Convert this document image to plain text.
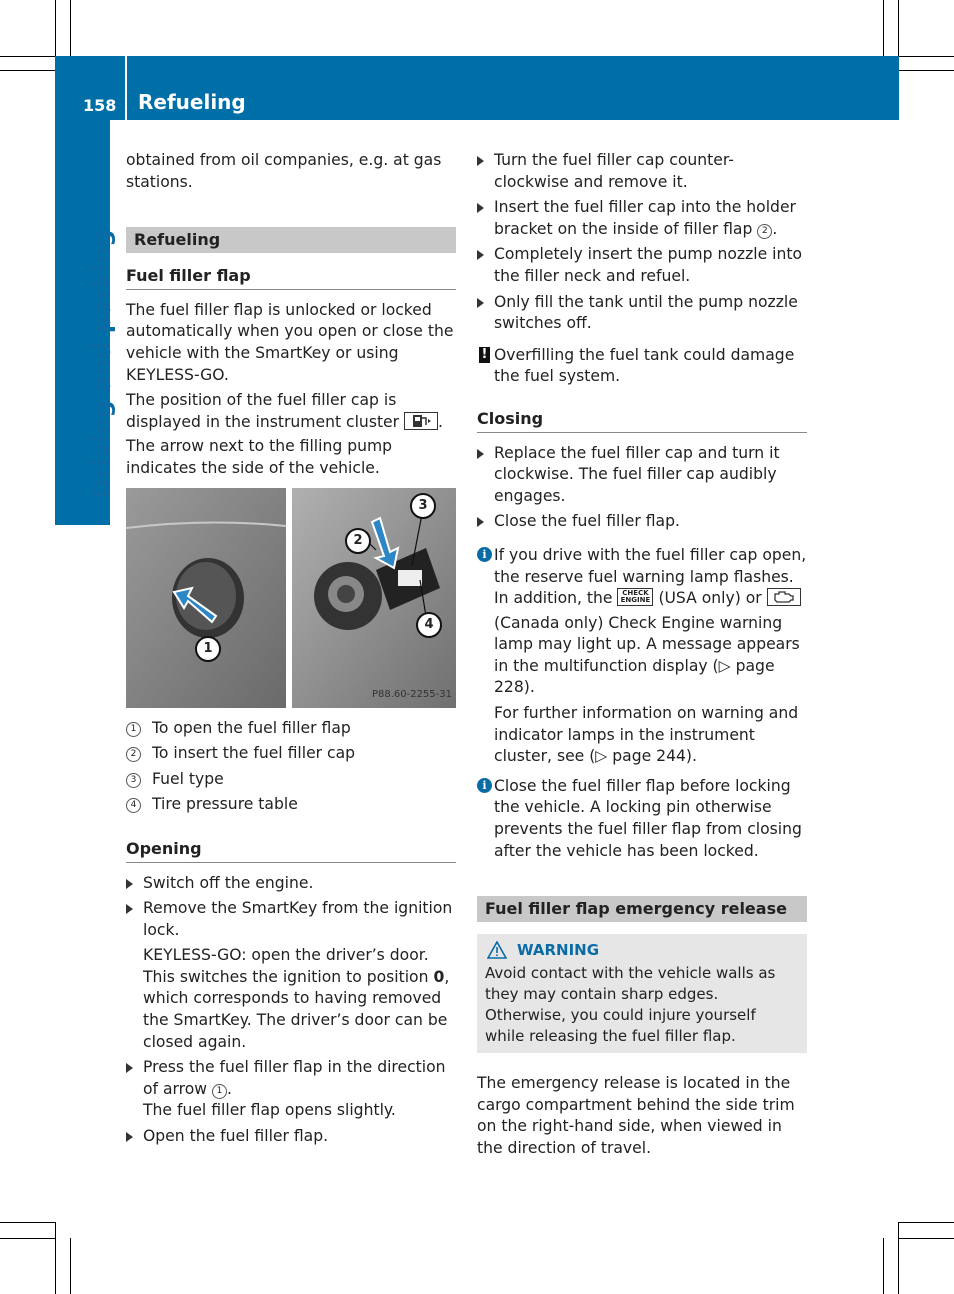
158 Refueling
Driving and parking

obtained from oil companies, e.g. at gas stations.

Refueling
Fuel filler flap

The fuel filler flap is unlocked or locked automatically when you open or close the vehicle with the SmartKey or using KEYLESS-GO.

The position of the fuel filler cap is displayed in the instrument cluster . The arrow next to the filling pump indicates the side of the vehicle.

1
2
3
4
P88.60-2255-31
1 To open the fuel filler flap
2 To insert the fuel filler cap
3 Fuel type
4 Tire pressure table
Opening
Switch off the engine.
Remove the SmartKey from the ignition lock.
KEYLESS-GO: open the driver’s door. This switches the ignition to position 0, which corresponds to having removed the SmartKey. The driver’s door can be closed again.
Press the fuel filler flap in the direction of arrow 1 .
The fuel filler flap opens slightly.
Open the fuel filler flap.
Turn the fuel filler cap counter-clockwise and remove it.
Insert the fuel filler cap into the holder bracket on the inside of filler flap 2 .
Completely insert the pump nozzle into the filler neck and refuel.
Only fill the tank until the pump nozzle switches off.
! Overfilling the fuel tank could damage the fuel system.
Closing
Replace the fuel filler cap and turn it clockwise. The fuel filler cap audibly engages.
Close the fuel filler flap.
i If you drive with the fuel filler cap open, the reserve fuel warning lamp flashes. In addition, the CHECK ENGINE (USA only) or  (Canada only) Check Engine warning lamp may light up. A message appears in the multifunction display (▷ page 228).

For further information on warning and indicator lamps in the instrument cluster, see (▷ page 244).

i Close the fuel filler flap before locking the vehicle. A locking pin otherwise prevents the fuel filler flap from closing after the vehicle has been locked.
Fuel filler flap emergency release
WARNING
Avoid contact with the vehicle walls as they may contain sharp edges. Otherwise, you could injure yourself while releasing the fuel filler flap.

The emergency release is located in the cargo compartment behind the side trim on the right-hand side, when viewed in the direction of travel.
